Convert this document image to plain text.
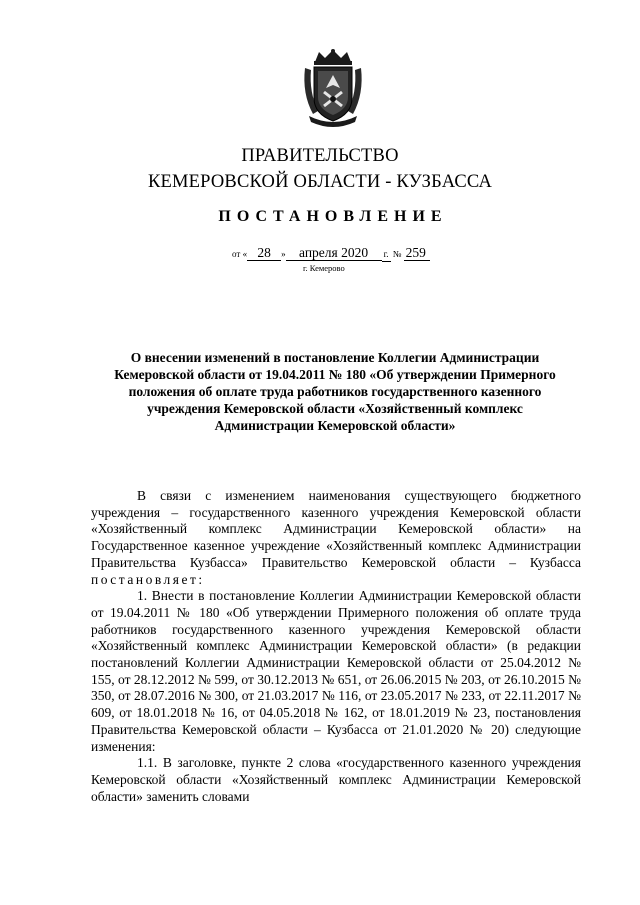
ПРАВИТЕЛЬСТВО
КЕМЕРОВСКОЙ ОБЛАСТИ - КУЗБАССА
ПОСТАНОВЛЕНИЕ
от « 28 » апреля 2020 г. № 259
г. Кемерово
О внесении изменений в постановление Коллегии Администрации Кемеровской области от 19.04.2011 № 180 «Об утверждении Примерного положения об оплате труда работников государственного казенного учреждения Кемеровской области «Хозяйственный комплекс Администрации Кемеровской области»

В связи с изменением наименования существующего бюджетного учреждения – государственного казенного учреждения Кемеровской области «Хозяйственный комплекс Администрации Кемеровской области» на Государственное казенное учреждение «Хозяйственный комплекс Администрации Правительства Кузбасса» Правительство Кемеровской области – Кузбасса постановляет:

1. Внести в постановление Коллегии Администрации Кемеровской области от 19.04.2011 № 180 «Об утверждении Примерного положения об оплате труда работников государственного казенного учреждения Кемеровской области «Хозяйственный комплекс Администрации Кемеровской области» (в редакции постановлений Коллегии Администрации Кемеровской области от 25.04.2012 № 155, от 28.12.2012 № 599, от 30.12.2013 № 651, от 26.06.2015 № 203, от 26.10.2015 № 350, от 28.07.2016 № 300, от 21.03.2017 № 116, от 23.05.2017 № 233, от 22.11.2017 № 609, от 18.01.2018 № 16, от 04.05.2018 № 162, от 18.01.2019 № 23, постановления Правительства Кемеровской области – Кузбасса от 21.01.2020 № 20) следующие изменения:

1.1. В заголовке, пункте 2 слова «государственного казенного учреждения Кемеровской области «Хозяйственный комплекс Администрации Кемеровской области» заменить словами
